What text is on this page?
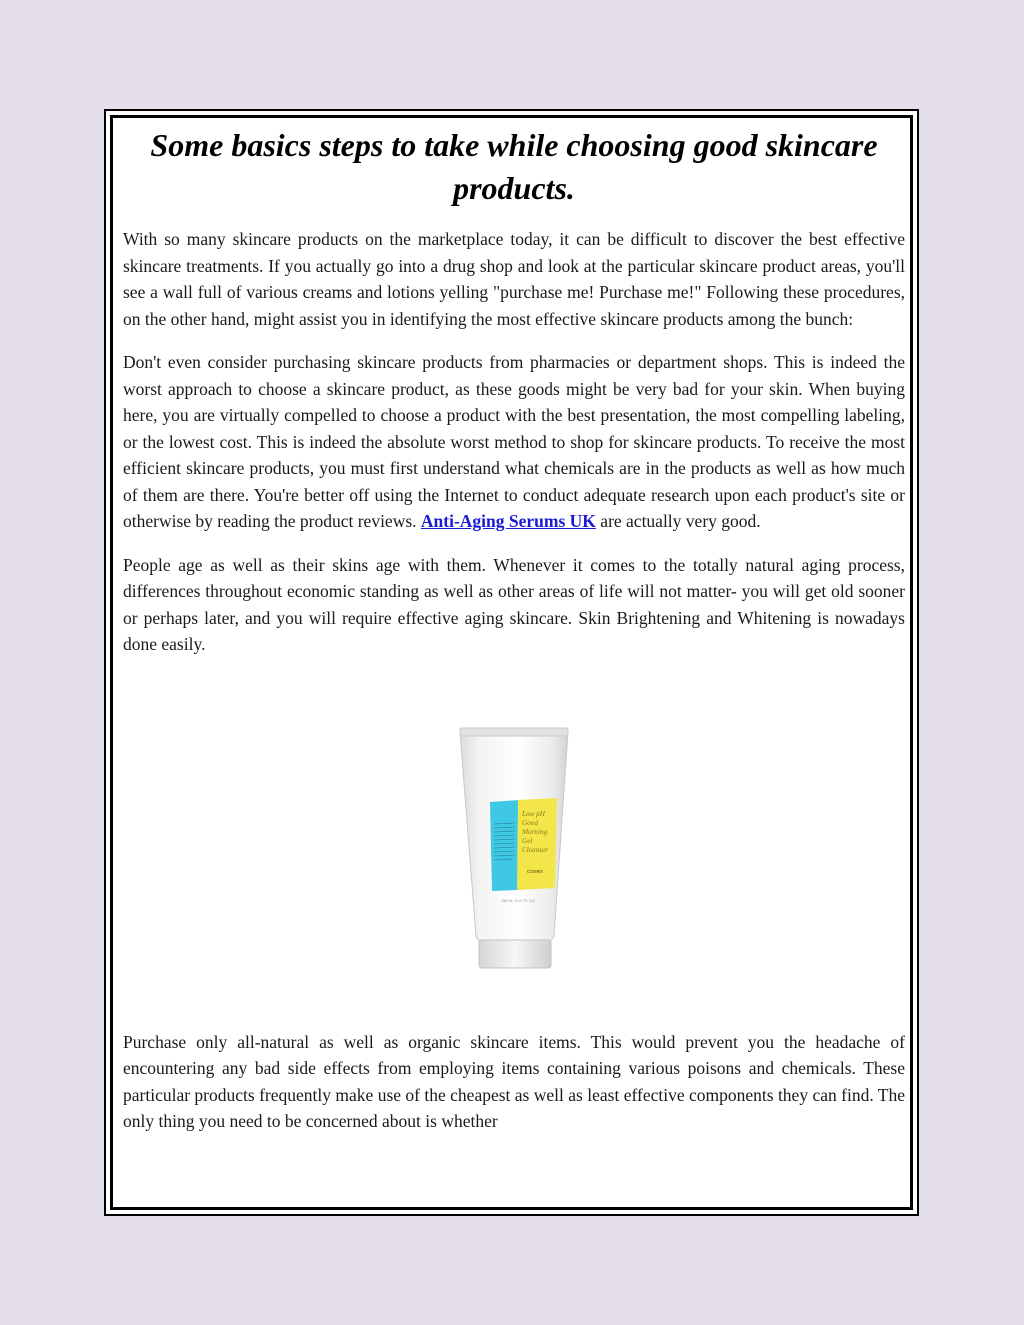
Some basics steps to take while choosing good skincare products.

With so many skincare products on the marketplace today, it can be difficult to discover the best effective skincare treatments. If you actually go into a drug shop and look at the particular skincare product areas, you'll see a wall full of various creams and lotions yelling "purchase me! Purchase me!" Following these procedures, on the other hand, might assist you in identifying the most effective skincare products among the bunch:

Don't even consider purchasing skincare products from pharmacies or department shops. This is indeed the worst approach to choose a skincare product, as these goods might be very bad for your skin. When buying here, you are virtually compelled to choose a product with the best presentation, the most compelling labeling, or the lowest cost. This is indeed the absolute worst method to shop for skincare products. To receive the most efficient skincare products, you must first understand what chemicals are in the products as well as how much of them are there. You're better off using the Internet to conduct adequate research upon each product's site or otherwise by reading the product reviews. Anti-Aging Serums UK are actually very good.

People age as well as their skins age with them. Whenever it comes to the totally natural aging process, differences throughout economic standing as well as other areas of life will not matter- you will get old sooner or perhaps later, and you will require effective aging skincare. Skin Brightening and Whitening is nowadays done easily.

Low pH
Good
Morning
Gel
Cleanser
COSRX
150 ml / 5.07 FL.OZ

Purchase only all-natural as well as organic skincare items. This would prevent you the headache of encountering any bad side effects from employing items containing various poisons and chemicals. These particular products frequently make use of the cheapest as well as least effective components they can find. The only thing you need to be concerned about is whether
